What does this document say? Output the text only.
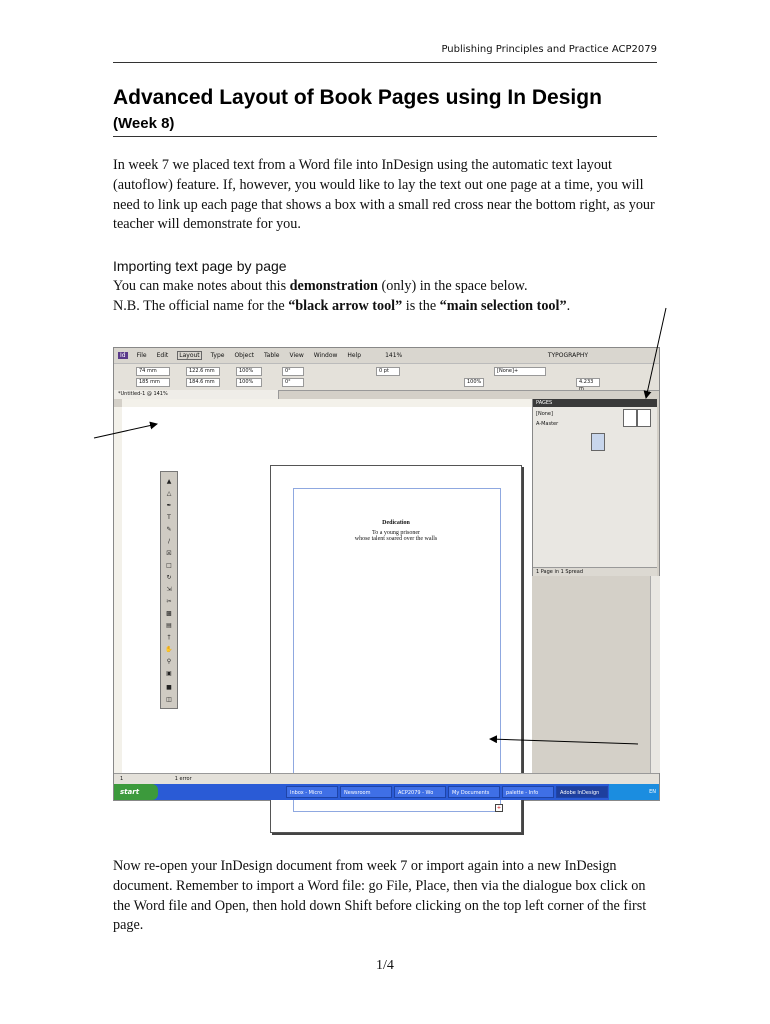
Publishing Principles and Practice ACP2079
Advanced Layout of Book Pages using In Design
(Week 8)
In week 7 we placed text from a Word file into InDesign using the automatic text layout (autoflow) feature. If, however, you would like to lay the text out one page at a time, you will need to link up each page that shows a box with a small red cross near the bottom right, as your teacher will demonstrate for you.
Importing text page by page
You can make notes about this demonstration (only) in the space below.
N.B. The official name for the “black arrow tool” is the “main selection tool”.
Id	File Edit	Layout	Type Object Table View Window Help	141%	TYPOGRAPHY
74 mm
185 mm
122.6 mm
184.6 mm
100%
100%
0°
0°
0 pt	[None]+
100%	4.233 m
*Untitled-1 @ 141%
Dedication
To a young prisoner
whose talent soared over the walls
+
▲
△
✒
T
✎
∕
☒
□
↻
⇲
✂
▩
▤
†
✋
⚲
▣
■
◫
PAGES
[None]
A-Master
1 Page in 1 Spread
1	1 error
start	Inbox - Micro	Newsroom	ACP2079 - Wo	My Documents	palette - Info	Adobe InDesign	EN
Now re-open your InDesign document from week 7 or import again into a new InDesign document. Remember to import a Word file: go File, Place, then via the dialogue box click on the Word file and Open, then hold down Shift before clicking on the top left corner of the first page.
1/4
